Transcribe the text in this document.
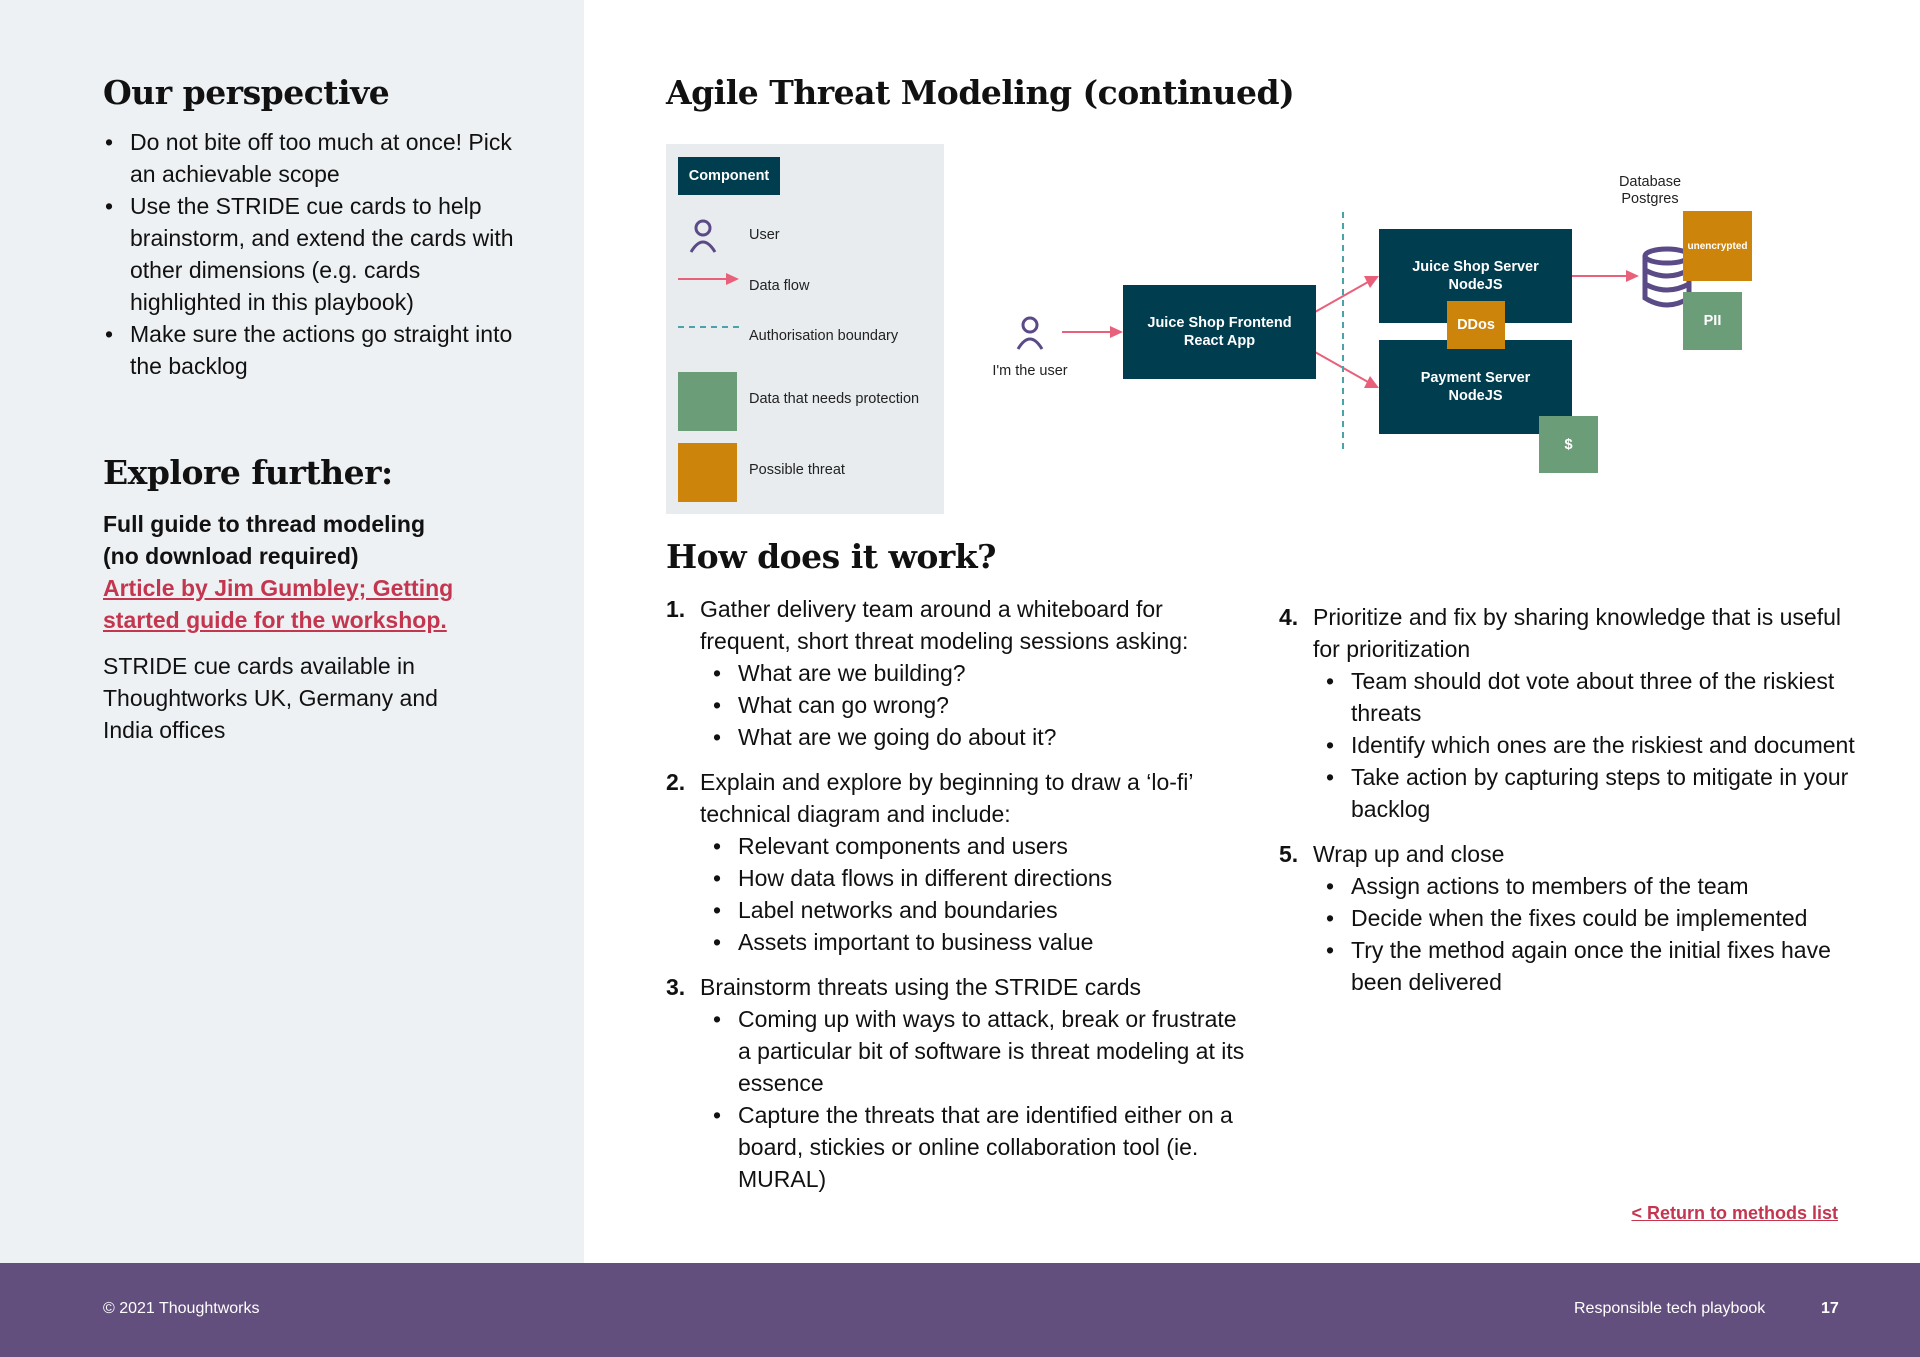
Our perspective
• Do not bite off too much at once! Pick an achievable scope
• Use the STRIDE cue cards to help brainstorm, and extend the cards with other dimensions (e.g. cards highlighted in this playbook)
• Make sure the actions go straight into the backlog
Explore further:
Full guide to thread modeling
(no download required)
Article by Jim Gumbley; Getting started guide for the workshop.
STRIDE cue cards available in Thoughtworks UK, Germany and India offices
Agile Threat Modeling (continued)
Component
User
Data flow
Authorisation boundary
Data that needs protection
Possible threat
I'm the user
Juice Shop Frontend
React App
Juice Shop Server
NodeJS
Payment Server
NodeJS
DDos
$
Database
Postgres
unencrypted
PII
How does it work?
1. Gather delivery team around a whiteboard for frequent, short threat modeling sessions asking:
• What are we building?
• What can go wrong?
• What are we going do about it?
2. Explain and explore by beginning to draw a ‘lo-fi’ technical diagram and include:
• Relevant components and users
• How data flows in different directions
• Label networks and boundaries
• Assets important to business value
3. Brainstorm threats using the STRIDE cards
• Coming up with ways to attack, break or frustrate a particular bit of software is threat modeling at its essence
• Capture the threats that are identified either on a board, stickies or online collaboration tool (ie. MURAL)
4. Prioritize and fix by sharing knowledge that is useful for prioritization
• Team should dot vote about three of the riskiest threats
• Identify which ones are the riskiest and document
• Take action by capturing steps to mitigate in your backlog
5. Wrap up and close
• Assign actions to members of the team
• Decide when the fixes could be implemented
• Try the method again once the initial fixes have been delivered
< Return to methods list
© 2021 Thoughtworks	Responsible tech playbook	17
